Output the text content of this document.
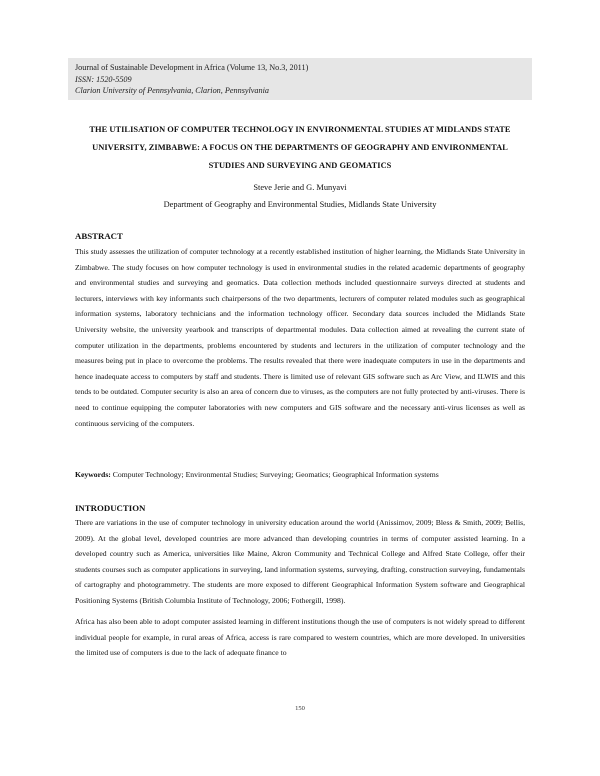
Journal of Sustainable Development in Africa (Volume 13, No.3, 2011)
ISSN: 1520-5509
Clarion University of Pennsylvania, Clarion, Pennsylvania
THE UTILISATION OF COMPUTER TECHNOLOGY IN ENVIRONMENTAL STUDIES AT MIDLANDS STATE UNIVERSITY, ZIMBABWE: A FOCUS ON THE DEPARTMENTS OF GEOGRAPHY AND ENVIRONMENTAL STUDIES AND SURVEYING AND GEOMATICS
Steve Jerie and G. Munyavi
Department of Geography and Environmental Studies, Midlands State University
ABSTRACT

This study assesses the utilization of computer technology at a recently established institution of higher learning, the Midlands State University in Zimbabwe. The study focuses on how computer technology is used in environmental studies in the related academic departments of geography and environmental studies and surveying and geomatics. Data collection methods included questionnaire surveys directed at students and lecturers, interviews with key informants such chairpersons of the two departments, lecturers of computer related modules such as geographical information systems, laboratory technicians and the information technology officer. Secondary data sources included the Midlands State University website, the university yearbook and transcripts of departmental modules. Data collection aimed at revealing the current state of computer utilization in the departments, problems encountered by students and lecturers in the utilization of computer technology and the measures being put in place to overcome the problems. The results revealed that there were inadequate computers in use in the departments and hence inadequate access to computers by staff and students. There is limited use of relevant GIS software such as Arc View, and ILWIS and this tends to be outdated. Computer security is also an area of concern due to viruses, as the computers are not fully protected by anti-viruses. There is need to continue equipping the computer laboratories with new computers and GIS software and the necessary anti-virus licenses as well as continuous servicing of the computers.

Keywords: Computer Technology; Environmental Studies; Surveying; Geomatics; Geographical Information systems
INTRODUCTION

There are variations in the use of computer technology in university education around the world (Anissimov, 2009; Bless & Smith, 2009; Bellis, 2009). At the global level, developed countries are more advanced than developing countries in terms of computer assisted learning. In a developed country such as America, universities like Maine, Akron Community and Technical College and Alfred State College, offer their students courses such as computer applications in surveying, land information systems, surveying, drafting, construction surveying, fundamentals of cartography and photogrammetry. The students are more exposed to different Geographical Information System software and Geographical Positioning Systems (British Columbia Institute of Technology, 2006; Fothergill, 1998).

Africa has also been able to adopt computer assisted learning in different institutions though the use of computers is not widely spread to different individual people for example, in rural areas of Africa, access is rare compared to western countries, which are more developed. In universities the limited use of computers is due to the lack of adequate finance to

150
